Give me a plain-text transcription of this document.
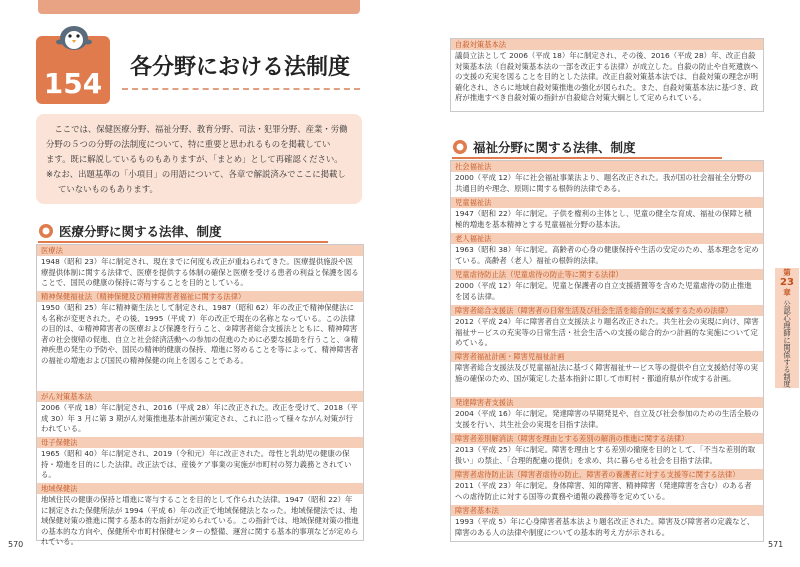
154	各分野における法制度

ここでは、保健医療分野、福祉分野、教育分野、司法・犯罪分野、産業・労働

分野の５つの分野の法制度について、特に重要と思われるものを掲載してい

ます。既に解説しているものもありますが、「まとめ」として再確認ください。

※なお、出題基準の「小項目」の用語について、各章で解説済みでここに掲載し

ていないものもあります。

医療分野に関する法律、制度
医療法
1948（昭和 23）年に制定され、現在までに何度も改正が重ねられてきた。医療提供施設や医療提供体制に関する法律で、医療を提供する体制の確保と医療を受ける患者の利益と保護を図ることで、国民の健康の保持に寄与することを目的としている。
精神保健福祉法（精神保健及び精神障害者福祉に関する法律）
1950（昭和 25）年に精神衛生法として制定され、1987（昭和 62）年の改正で精神保健法にも名称が変更された。その後、1995（平成 7）年の改正で現在の名称となっている。この法律の目的は、①精神障害者の医療および保護を行うこと、②障害者総合支援法とともに、精神障害者の社会復帰の促進、自立と社会経済活動への参加の促進のために必要な援助を行うこと、③精神疾患の発生の予防や、国民の精神的健康の保持、増進に努めることを等によって、精神障害者の福祉の増進および国民の精神保健の向上を図ることである。
がん対策基本法
2006（平成 18）年に制定され、2016（平成 28）年に改正された。改正を受けて、2018（平成 30）年 3 月に第 3 期がん対策推進基本計画が策定され、これに沿って様々ながん対策が行われている。
母子保健法
1965（昭和 40）年に制定され、2019（令和元）年に改正された。母性と乳幼児の健康の保持・増進を目的にした法律。改正法では、産後ケア事業の実施が市町村の努力義務とされている。
地域保健法
地域住民の健康の保持と増進に寄与することを目的として作られた法律。1947（昭和 22）年に制定された保健所法が 1994（平成 6）年の改正で地域保健法となった。地域保健法では、地域保健対策の推進に関する基本的な指針が定められている。この指針では、地域保健対策の推進の基本的な方向や、保健所や市町村保健センターの整備、運営に関する基本的事項などが定められている。
570
自殺対策基本法
議員立法として 2006（平成 18）年に制定され、その後、2016（平成 28）年、改正自殺対策基本法（自殺対策基本法の一部を改正する法律）が成立した。自殺の防止や自死遺族への支援の充実を図ることを目的とした法律。改正自殺対策基本法では、自殺対策の理念が明確化され、さらに地域自殺対策推進の強化が図られた。また、自殺対策基本法に基づき、政府が推進すべき自殺対策の指針が自殺総合対策大綱として定められている。
福祉分野に関する法律、制度
社会福祉法
2000（平成 12）年に社会福祉事業法より、題名改正された。我が国の社会福祉全分野の共通目的や理念、原則に関する根幹的法律である。
児童福祉法
1947（昭和 22）年に制定。子供を権利の主体とし、児童の健全な育成、福祉の保障と積極的増進を基本精神とする児童福祉分野の基本法。
老人福祉法
1963（昭和 38）年に制定。高齢者の心身の健康保持や生活の安定のため、基本理念を定めている。高齢者（老人）福祉の根幹的法律。
児童虐待防止法（児童虐待の防止等に関する法律）
2000（平成 12）年に制定。児童と保護者の自立支援措置等を含めた児童虐待の防止推進を図る法律。
障害者総合支援法（障害者の日常生活及び社会生活を総合的に支援するための法律）
2012（平成 24）年に障害者自立支援法より題名改正された。共生社会の実現に向け、障害福祉サービスの充実等の日常生活・社会生活への支援の総合的かつ計画的な実施について定めている。
障害者福祉計画・障害児福祉計画
障害者総合支援法及び児童福祉法に基づく障害福祉サービス等の提供や自立支援給付等の実施の確保のため、国が策定した基本指針に即して市町村・都道府県が作成する計画。
発達障害者支援法
2004（平成 16）年に制定。発達障害の早期発見や、自立及び社会参加のための生活全般の支援を行い、共生社会の実現を目指す法律。
障害者差別解消法（障害を理由とする差別の解消の推進に関する法律）
2013（平成 25）年に制定。障害を理由とする差別の撤廃を目的として、「不当な差別的取扱い」の禁止、「合理的配慮の提供」を求め、共に暮らせる社会を目指す法律。
障害者虐待防止法（障害者虐待の防止、障害者の養護者に対する支援等に関する法律）
2011（平成 23）年に制定。身体障害、知的障害、精神障害（発達障害を含む）のある者への虐待防止に対する国等の責務や通報の義務等を定めている。
障害者基本法
1993（平成 5）年に心身障害者基本法より題名改正された。障害及び障害者の定義など、障害のある人の法律や制度についての基本的考え方が示される。
571
第
23
章
公認心理師に関係する制度
